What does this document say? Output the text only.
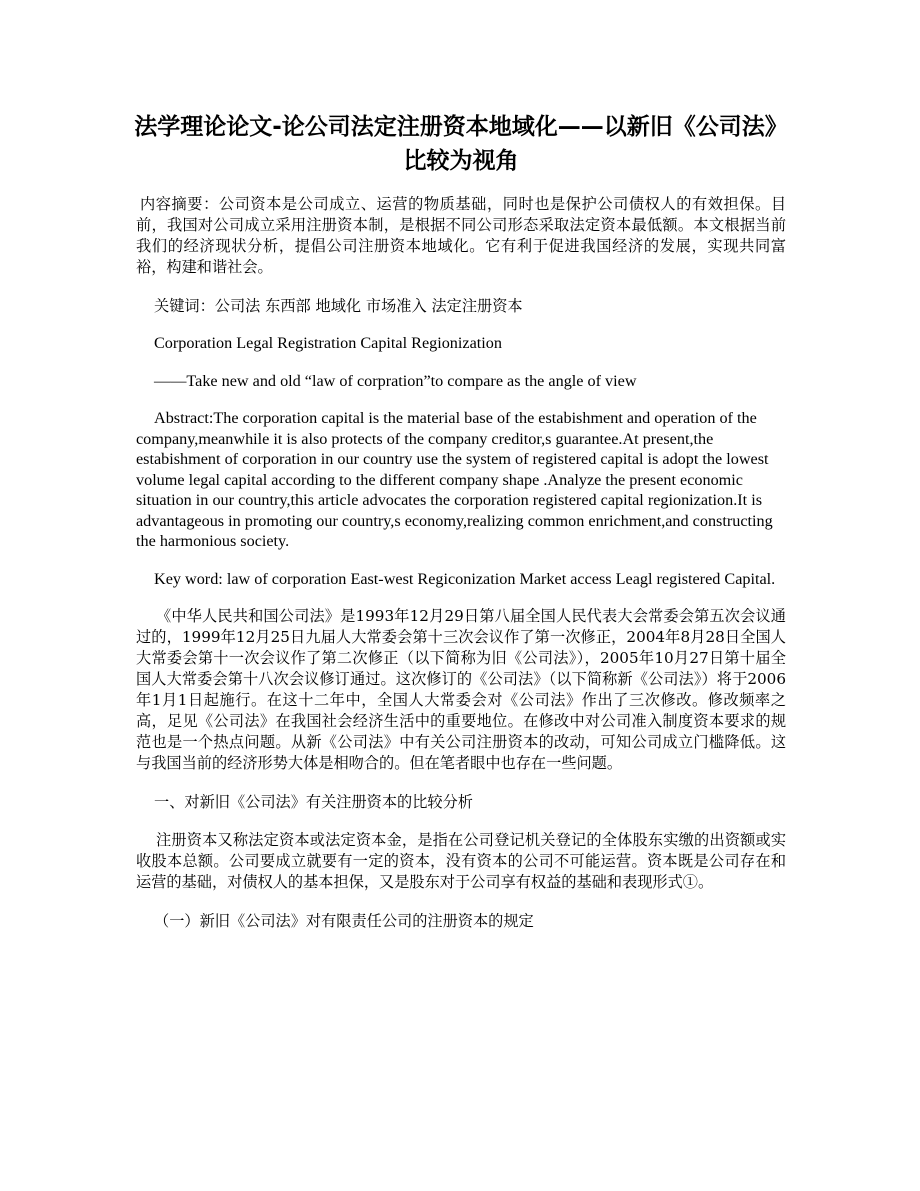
法学理论论文-论公司法定注册资本地域化——以新旧《公司法》比较为视角

内容摘要：公司资本是公司成立、运营的物质基础，同时也是保护公司债权人的有效担保。目前，我国对公司成立采用注册资本制，是根据不同公司形态采取法定资本最低额。本文根据当前我们的经济现状分析，提倡公司注册资本地域化。它有利于促进我国经济的发展，实现共同富裕，构建和谐社会。

关键词：公司法 东西部 地域化 市场准入 法定注册资本

Corporation Legal Registration Capital Regionization

——Take new and old “law of corpration”to compare as the angle of view

Abstract:The corporation capital is the material base of the estabishment and operation of the company,meanwhile it is also protects of the company creditor,s guarantee.At present,the estabishment of corporation in our country use the system of registered capital is adopt the lowest volume legal capital according to the different company shape .Analyze the present economic situation in our country,this article advocates the corporation registered capital regionization.It is advantageous in promoting our country,s economy,realizing common enrichment,and constructing the harmonious society.

Key word: law of corporation East-west Regiconization Market access Leagl registered Capital.

《中华人民共和国公司法》是1993年12月29日第八届全国人民代表大会常委会第五次会议通过的，1999年12月25日九届人大常委会第十三次会议作了第一次修正，2004年8月28日全国人大常委会第十一次会议作了第二次修正（以下简称为旧《公司法》），2005年10月27日第十届全国人大常委会第十八次会议修订通过。这次修订的《公司法》（以下简称新《公司法》）将于2006年1月1日起施行。在这十二年中，全国人大常委会对《公司法》作出了三次修改。修改频率之高，足见《公司法》在我国社会经济生活中的重要地位。在修改中对公司准入制度资本要求的规范也是一个热点问题。从新《公司法》中有关公司注册资本的改动，可知公司成立门槛降低。这与我国当前的经济形势大体是相吻合的。但在笔者眼中也存在一些问题。

一、对新旧《公司法》有关注册资本的比较分析

注册资本又称法定资本或法定资本金，是指在公司登记机关登记的全体股东实缴的出资额或实收股本总额。公司要成立就要有一定的资本，没有资本的公司不可能运营。资本既是公司存在和运营的基础，对债权人的基本担保，又是股东对于公司享有权益的基础和表现形式①。

（一）新旧《公司法》对有限责任公司的注册资本的规定
